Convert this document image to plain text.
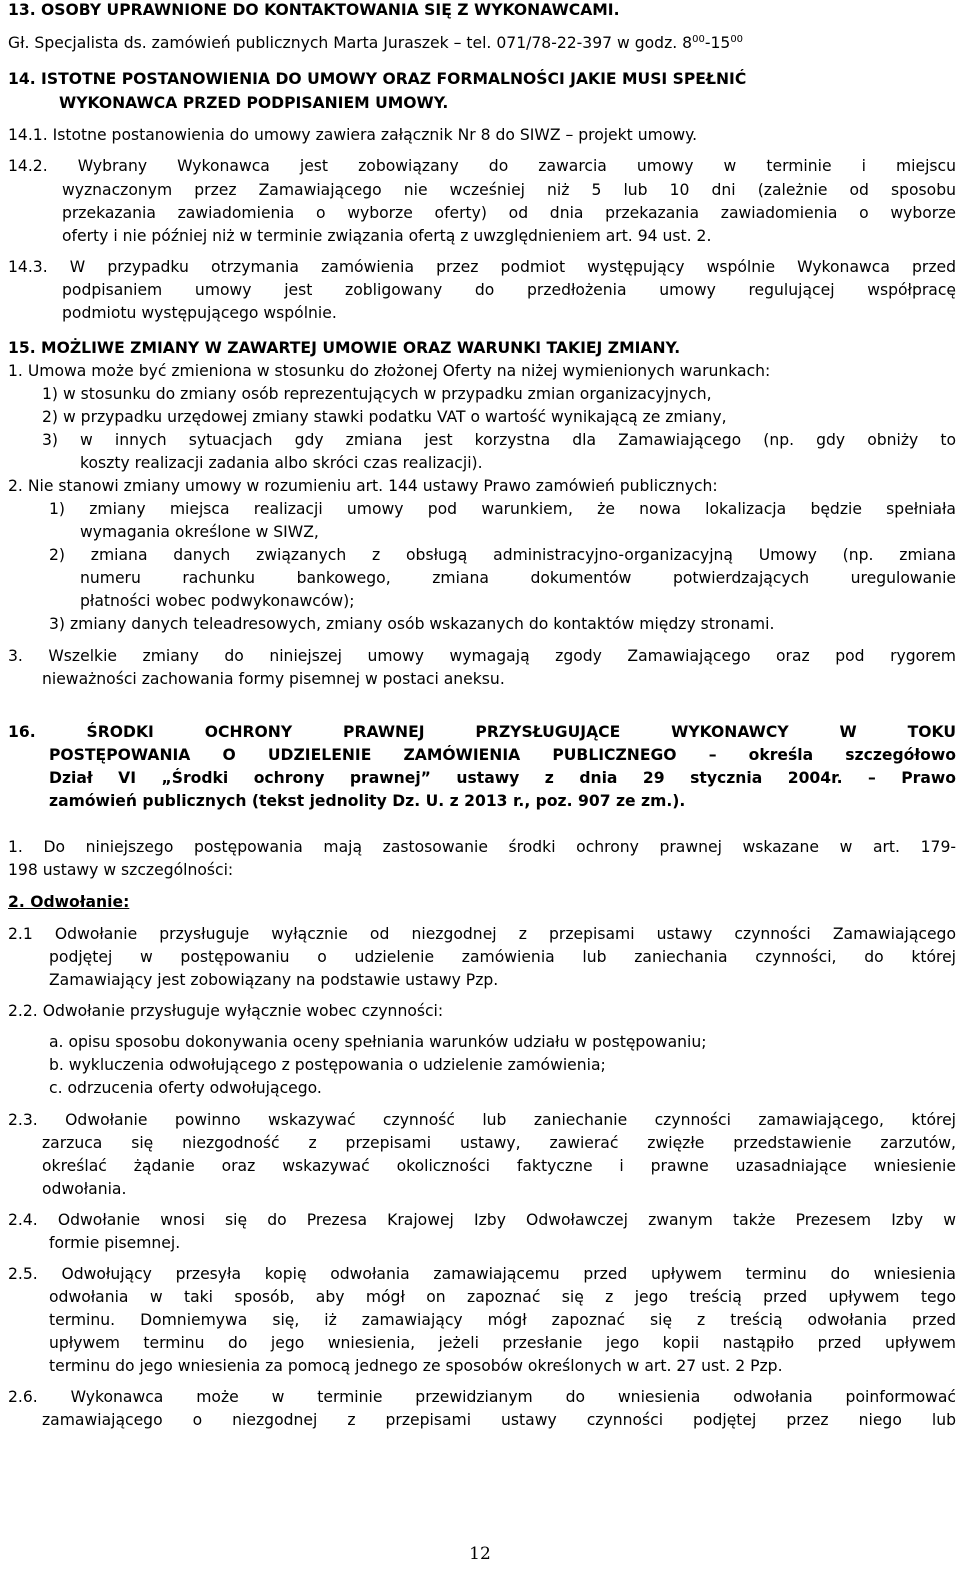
13. OSOBY UPRAWNIONE DO KONTAKTOWANIA SIĘ Z WYKONAWCAMI.
Gł. Specjalista ds. zamówień publicznych Marta Juraszek – tel. 071/78-22-397 w godz. $8^{00}-15^{00}$
14. ISTOTNE POSTANOWIENIA DO UMOWY ORAZ FORMALNOŚCI JAKIE MUSI SPEŁNIĆ
WYKONAWCA PRZED PODPISANIEM UMOWY.
14.1. Istotne postanowienia do umowy zawiera załącznik Nr 8 do SIWZ – projekt umowy.
14.2. Wybrany Wykonawca jest zobowiązany do zawarcia umowy w terminie i miejscu
wyznaczonym przez Zamawiającego nie wcześniej niż 5 lub 10 dni (zależnie od sposobu
przekazania zawiadomienia o wyborze oferty) od dnia przekazania zawiadomienia o wyborze
oferty i nie później niż w terminie związania ofertą z uwzględnieniem art. 94 ust. 2.
14.3. W przypadku otrzymania zamówienia przez podmiot występujący wspólnie Wykonawca przed
podpisaniem umowy jest zobligowany do przedłożenia umowy regulującej współpracę
podmiotu występującego wspólnie.
15. MOŻLIWE ZMIANY W ZAWARTEJ UMOWIE ORAZ WARUNKI TAKIEJ ZMIANY.
1. Umowa może być zmieniona w stosunku do złożonej Oferty na niżej wymienionych warunkach:
1) w stosunku do zmiany osób reprezentujących w przypadku zmian organizacyjnych,
2) w przypadku urzędowej zmiany stawki podatku VAT o wartość wynikającą ze zmiany,
3) w innych sytuacjach gdy zmiana jest korzystna dla Zamawiającego (np. gdy obniży to
koszty realizacji zadania albo skróci czas realizacji).
2. Nie stanowi zmiany umowy w rozumieniu art. 144 ustawy Prawo zamówień publicznych:
1) zmiany miejsca realizacji umowy pod warunkiem, że nowa lokalizacja będzie spełniała
wymagania określone w SIWZ,
2) zmiana danych związanych z obsługą administracyjno-organizacyjną Umowy (np. zmiana
numeru rachunku bankowego, zmiana dokumentów potwierdzających uregulowanie
płatności wobec podwykonawców);
3) zmiany danych teleadresowych, zmiany osób wskazanych do kontaktów między stronami.
3. Wszelkie zmiany do niniejszej umowy wymagają zgody Zamawiającego oraz pod rygorem
nieważności zachowania formy pisemnej w postaci aneksu.
16. ŚRODKI OCHRONY PRAWNEJ PRZYSŁUGUJĄCE WYKONAWCY W TOKU
POSTĘPOWANIA O UDZIELENIE ZAMÓWIENIA PUBLICZNEGO – określa szczegółowo
Dział VI „Środki ochrony prawnej” ustawy z dnia 29 stycznia 2004r. – Prawo
zamówień publicznych (tekst jednolity Dz. U. z 2013 r., poz. 907 ze zm.).
1. Do niniejszego postępowania mają zastosowanie środki ochrony prawnej wskazane w art. 179-
198 ustawy w szczególności:
2. Odwołanie:
2.1 Odwołanie przysługuje wyłącznie od niezgodnej z przepisami ustawy czynności Zamawiającego
podjętej w postępowaniu o udzielenie zamówienia lub zaniechania czynności, do której
Zamawiający jest zobowiązany na podstawie ustawy Pzp.
2.2. Odwołanie przysługuje wyłącznie wobec czynności:
a. opisu sposobu dokonywania oceny spełniania warunków udziału w postępowaniu;
b. wykluczenia odwołującego z postępowania o udzielenie zamówienia;
c. odrzucenia oferty odwołującego.
2.3. Odwołanie powinno wskazywać czynność lub zaniechanie czynności zamawiającego, której
zarzuca się niezgodność z przepisami ustawy, zawierać zwięzłe przedstawienie zarzutów,
określać żądanie oraz wskazywać okoliczności faktyczne i prawne uzasadniające wniesienie
odwołania.
2.4. Odwołanie wnosi się do Prezesa Krajowej Izby Odwoławczej zwanym także Prezesem Izby w
formie pisemnej.
2.5. Odwołujący przesyła kopię odwołania zamawiającemu przed upływem terminu do wniesienia
odwołania w taki sposób, aby mógł on zapoznać się z jego treścią przed upływem tego
terminu. Domniemywa się, iż zamawiający mógł zapoznać się z treścią odwołania przed
upływem terminu do jego wniesienia, jeżeli przesłanie jego kopii nastąpiło przed upływem
terminu do jego wniesienia za pomocą jednego ze sposobów określonych w art. 27 ust. 2 Pzp.
2.6. Wykonawca może w terminie przewidzianym do wniesienia odwołania poinformować
zamawiającego o niezgodnej z przepisami ustawy czynności podjętej przez niego lub
12
